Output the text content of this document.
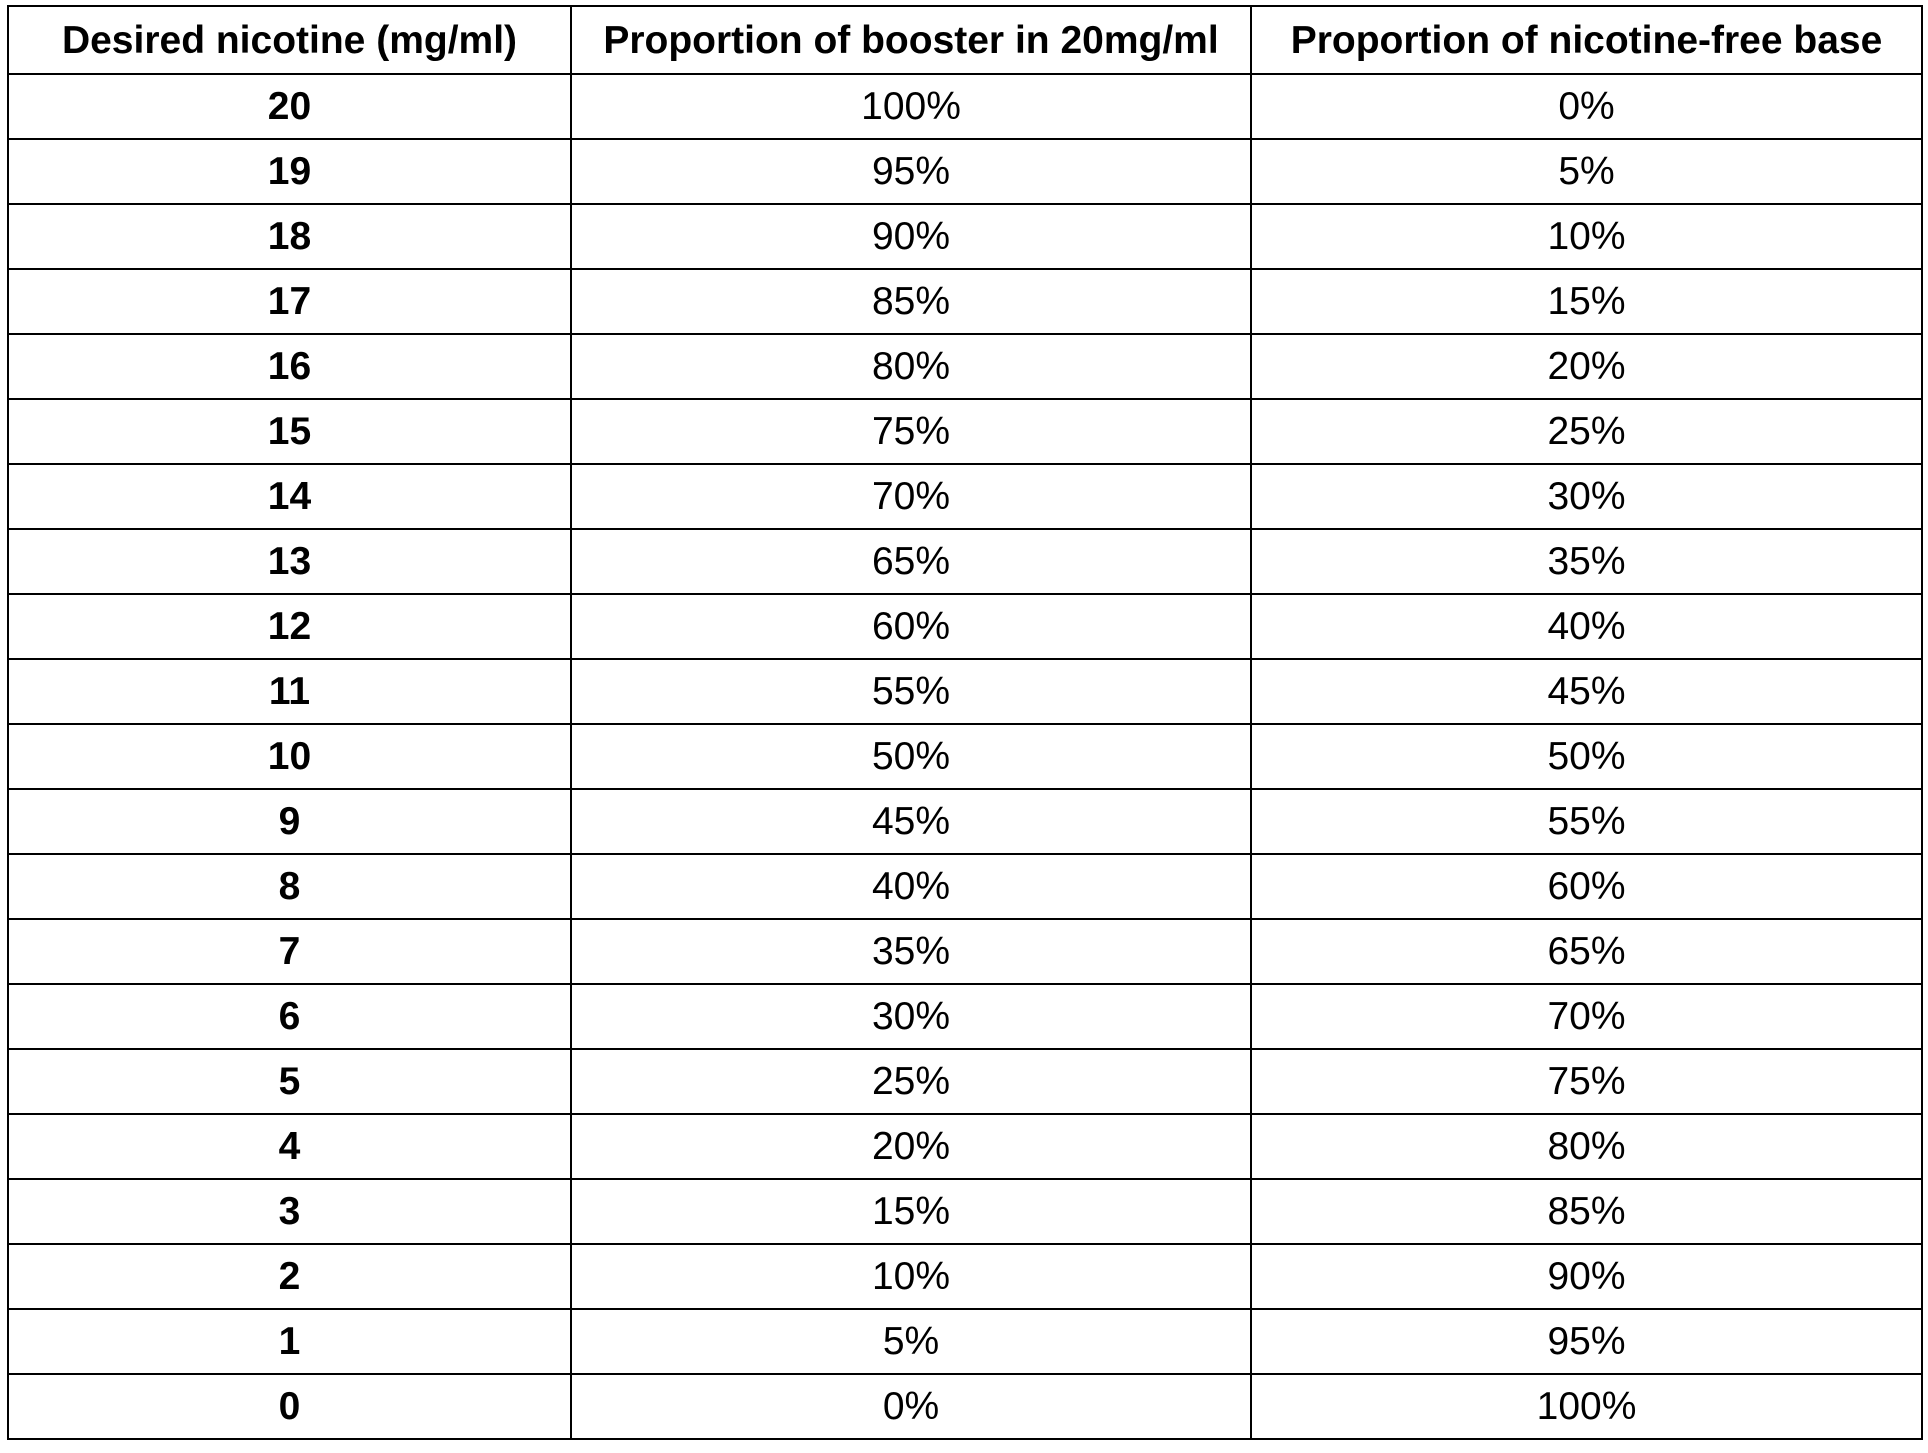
Desired nicotine (mg/ml)	Proportion of booster in 20mg/ml	Proportion of nicotine-free base
20	100%	0%
19	95%	5%
18	90%	10%
17	85%	15%
16	80%	20%
15	75%	25%
14	70%	30%
13	65%	35%
12	60%	40%
11	55%	45%
10	50%	50%
9	45%	55%
8	40%	60%
7	35%	65%
6	30%	70%
5	25%	75%
4	20%	80%
3	15%	85%
2	10%	90%
1	5%	95%
0	0%	100%
